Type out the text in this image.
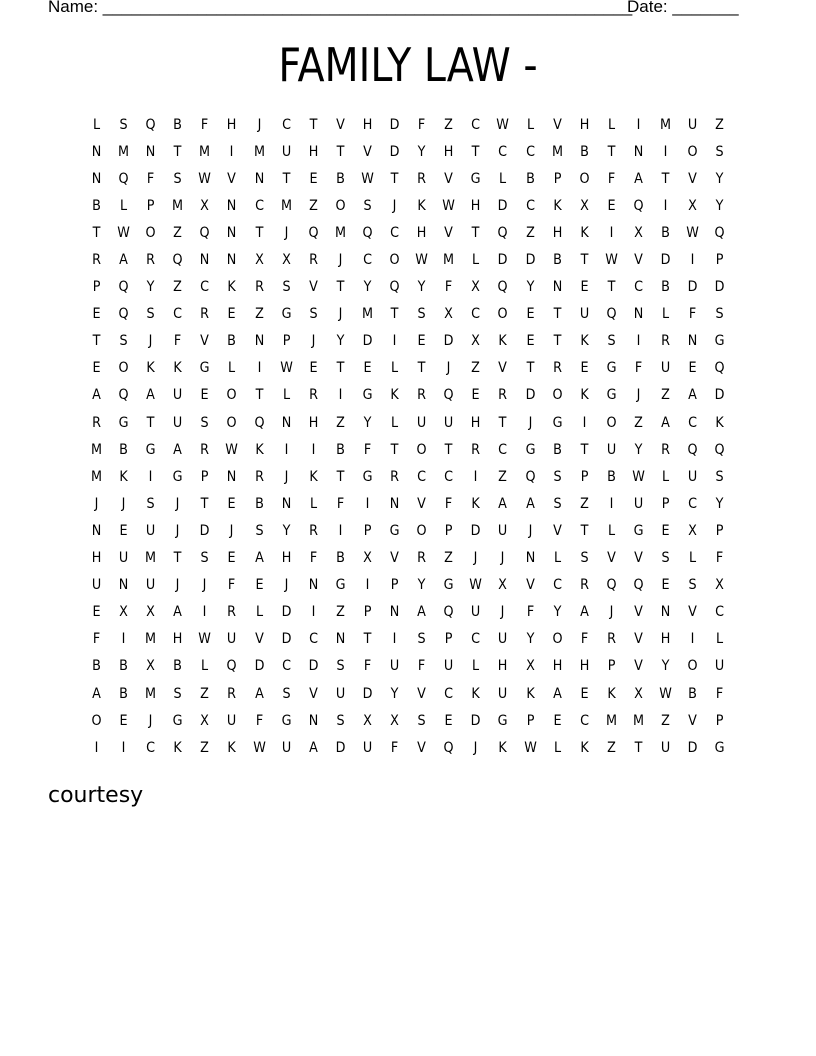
Name: ________________________________________________________
Date: _______
FAMILY LAW -
L	S	Q	B	F	H	J	C	T	V	H	D	F	Z	C	W	L	V	H	L	I	M	U	Z
N	M	N	T	M	I	M	U	H	T	V	D	Y	H	T	C	C	M	B	T	N	I	O	S
N	Q	F	S	W	V	N	T	E	B	W	T	R	V	G	L	B	P	O	F	A	T	V	Y
B	L	P	M	X	N	C	M	Z	O	S	J	K	W	H	D	C	K	X	E	Q	I	X	Y
T	W	O	Z	Q	N	T	J	Q	M	Q	C	H	V	T	Q	Z	H	K	I	X	B	W	Q
R	A	R	Q	N	N	X	X	R	J	C	O	W	M	L	D	D	B	T	W	V	D	I	P
P	Q	Y	Z	C	K	R	S	V	T	Y	Q	Y	F	X	Q	Y	N	E	T	C	B	D	D
E	Q	S	C	R	E	Z	G	S	J	M	T	S	X	C	O	E	T	U	Q	N	L	F	S
T	S	J	F	V	B	N	P	J	Y	D	I	E	D	X	K	E	T	K	S	I	R	N	G
E	O	K	K	G	L	I	W	E	T	E	L	T	J	Z	V	T	R	E	G	F	U	E	Q
A	Q	A	U	E	O	T	L	R	I	G	K	R	Q	E	R	D	O	K	G	J	Z	A	D
R	G	T	U	S	O	Q	N	H	Z	Y	L	U	U	H	T	J	G	I	O	Z	A	C	K
M	B	G	A	R	W	K	I	I	B	F	T	O	T	R	C	G	B	T	U	Y	R	Q	Q
M	K	I	G	P	N	R	J	K	T	G	R	C	C	I	Z	Q	S	P	B	W	L	U	S
J	J	S	J	T	E	B	N	L	F	I	N	V	F	K	A	A	S	Z	I	U	P	C	Y
N	E	U	J	D	J	S	Y	R	I	P	G	O	P	D	U	J	V	T	L	G	E	X	P
H	U	M	T	S	E	A	H	F	B	X	V	R	Z	J	J	N	L	S	V	V	S	L	F
U	N	U	J	J	F	E	J	N	G	I	P	Y	G	W	X	V	C	R	Q	Q	E	S	X
E	X	X	A	I	R	L	D	I	Z	P	N	A	Q	U	J	F	Y	A	J	V	N	V	C
F	I	M	H	W	U	V	D	C	N	T	I	S	P	C	U	Y	O	F	R	V	H	I	L
B	B	X	B	L	Q	D	C	D	S	F	U	F	U	L	H	X	H	H	P	V	Y	O	U
A	B	M	S	Z	R	A	S	V	U	D	Y	V	C	K	U	K	A	E	K	X	W	B	F
O	E	J	G	X	U	F	G	N	S	X	X	S	E	D	G	P	E	C	M	M	Z	V	P
I	I	C	K	Z	K	W	U	A	D	U	F	V	Q	J	K	W	L	K	Z	T	U	D	G
courtesy
